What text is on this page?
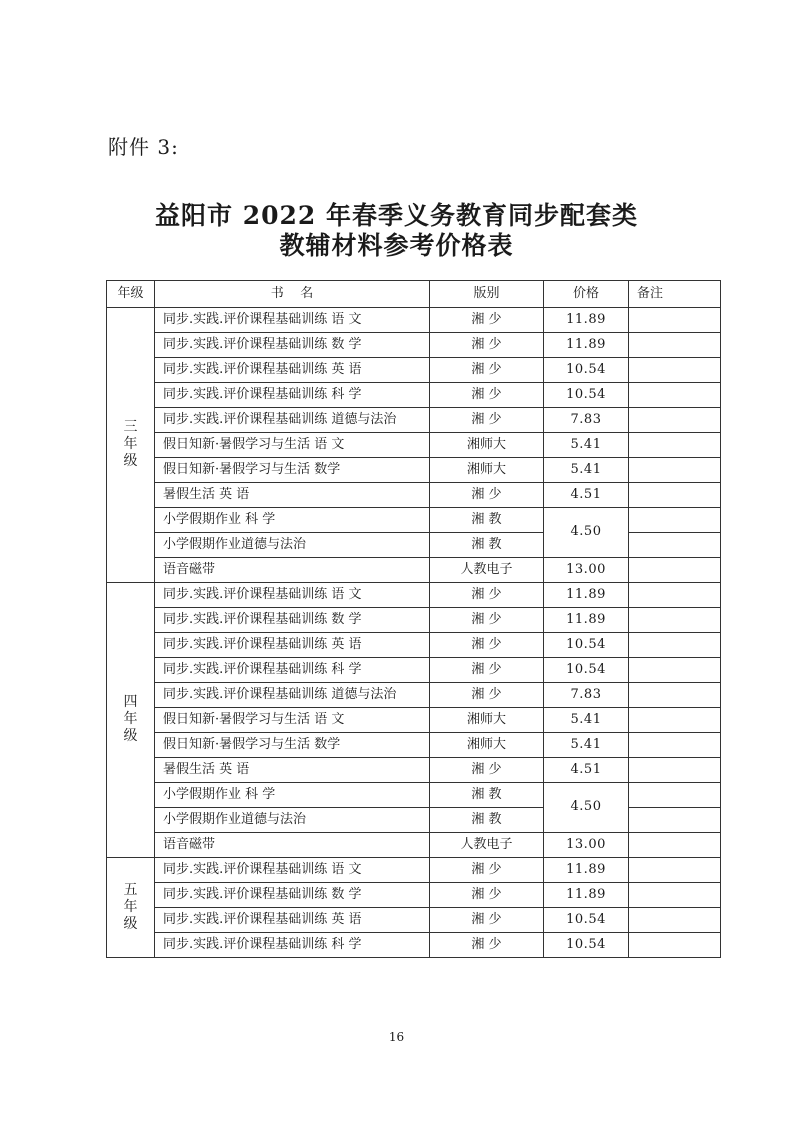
附件 3:
益阳市 2022 年春季义务教育同步配套类
教辅材料参考价格表
年级	书    名	版别	价格	备注
三年级	同步.实践.评价课程基础训练 语 文	湘 少	11.89	
	同步.实践.评价课程基础训练 数 学	湘 少	11.89	
	同步.实践.评价课程基础训练 英 语	湘 少	10.54	
	同步.实践.评价课程基础训练 科 学	湘 少	10.54	
	同步.实践.评价课程基础训练 道德与法治	湘 少	7.83	
	假日知新·暑假学习与生活 语 文	湘师大	5.41	
	假日知新·暑假学习与生活 数学	湘师大	5.41	
	暑假生活 英 语	湘 少	4.51	
	小学假期作业 科 学	湘 教	4.50	
	小学假期作业道德与法治	湘 教		
	语音磁带	人教电子	13.00	
四年级	同步.实践.评价课程基础训练 语 文	湘 少	11.89	
	同步.实践.评价课程基础训练 数 学	湘 少	11.89	
	同步.实践.评价课程基础训练 英 语	湘 少	10.54	
	同步.实践.评价课程基础训练 科 学	湘 少	10.54	
	同步.实践.评价课程基础训练 道德与法治	湘 少	7.83	
	假日知新·暑假学习与生活 语 文	湘师大	5.41	
	假日知新·暑假学习与生活 数学	湘师大	5.41	
	暑假生活 英 语	湘 少	4.51	
	小学假期作业 科 学	湘 教	4.50	
	小学假期作业道德与法治	湘 教		
	语音磁带	人教电子	13.00	
五年级	同步.实践.评价课程基础训练 语 文	湘 少	11.89	
	同步.实践.评价课程基础训练 数 学	湘 少	11.89	
	同步.实践.评价课程基础训练 英 语	湘 少	10.54	
	同步.实践.评价课程基础训练 科 学	湘 少	10.54	
16
